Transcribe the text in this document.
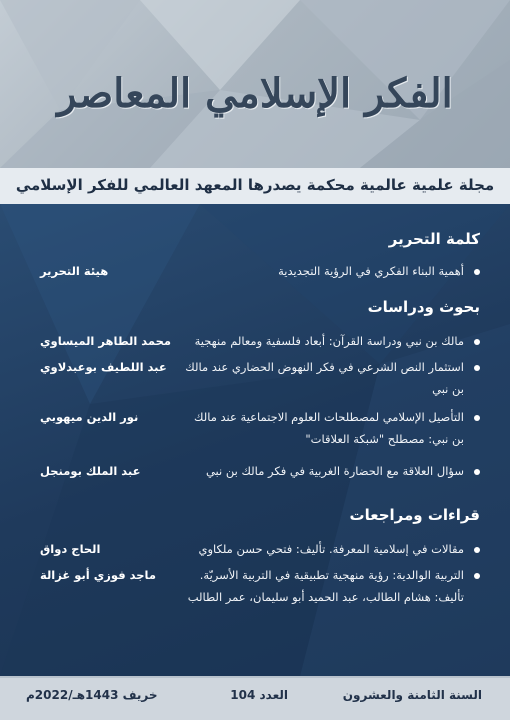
الفكر الإسلامي المعاصر
مجلة علمية عالمية محكمة يصدرها المعهد العالمي للفكر الإسلامي
كلمة التحرير
أهمية البناء الفكري في الرؤية التجديدية
هيئة التحرير
بحوث ودراسات
مالك بن نبي ودراسة القرآن: أبعاد فلسفية ومعالم منهجية
محمد الطاهر الميساوي
استثمار النص الشرعي في فكر النهوض الحضاري عند مالك
بن نبي
عبد اللطيف بوعبدلاوي
التأصيل الإسلامي لمصطلحات العلوم الاجتماعية عند مالك
بن نبي: مصطلح "شبكة العلاقات"
نور الدين ميهوبي
سؤال العلاقة مع الحضارة الغربية في فكر مالك بن نبي
عبد الملك بومنجل
قراءات ومراجعات
مقالات في إسلامية المعرفة. تأليف: فتحي حسن ملكاوي
الحاج دواق
التربية الوالدية: رؤية منهجية تطبيقية في التربية الأسريّة.
تأليف: هشام الطالب، عبد الحميد أبو سليمان، عمر الطالب
ماجد فوزي أبو غزالة
السنة الثامنة والعشرون
العدد 104
خريف 1443هـ/2022م
